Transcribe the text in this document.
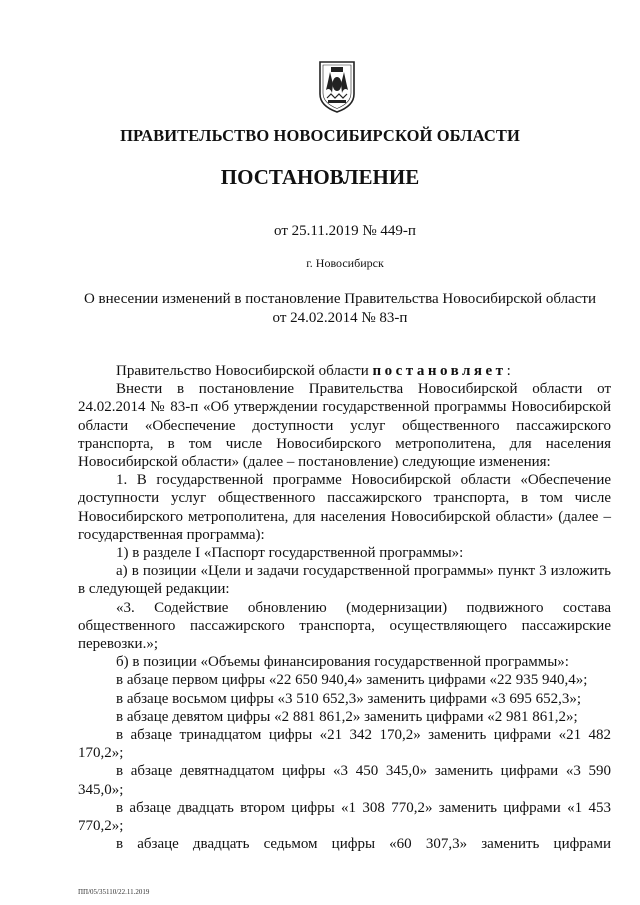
ПРАВИТЕЛЬСТВО НОВОСИБИРСКОЙ ОБЛАСТИ
ПОСТАНОВЛЕНИЕ
от 25.11.2019 № 449-п
г. Новосибирск
О внесении изменений в постановление Правительства Новосибирской области
от 24.02.2014 № 83-п

Правительство Новосибирской области постановляет:

Внести в постановление Правительства Новосибирской области от 24.02.2014 № 83-п «Об утверждении государственной программы Новосибирской области «Обеспечение доступности услуг общественного пассажирского транспорта, в том числе Новосибирского метрополитена, для населения Новосибирской области» (далее – постановление) следующие изменения:

1. В государственной программе Новосибирской области «Обеспечение доступности услуг общественного пассажирского транспорта, в том числе Новосибирского метрополитена, для населения Новосибирской области» (далее – государственная программа):

1) в разделе I «Паспорт государственной программы»:

а) в позиции «Цели и задачи государственной программы» пункт 3 изложить в следующей редакции:

«3. Содействие обновлению (модернизации) подвижного состава общественного пассажирского транспорта, осуществляющего пассажирские перевозки.»;

б) в позиции «Объемы финансирования государственной программы»:

в абзаце первом цифры «22 650 940,4» заменить цифрами «22 935 940,4»;

в абзаце восьмом цифры «3 510 652,3» заменить цифрами «3 695 652,3»;

в абзаце девятом цифры «2 881 861,2» заменить цифрами «2 981 861,2»;

в абзаце тринадцатом цифры «21 342 170,2» заменить цифрами «21 482 170,2»;

в абзаце девятнадцатом цифры «3 450 345,0» заменить цифрами «3 590 345,0»;

в абзаце двадцать втором цифры «1 308 770,2» заменить цифрами «1 453 770,2»;

в абзаце двадцать седьмом цифры «60 307,3» заменить цифрами

ПП/05/35110/22.11.2019
